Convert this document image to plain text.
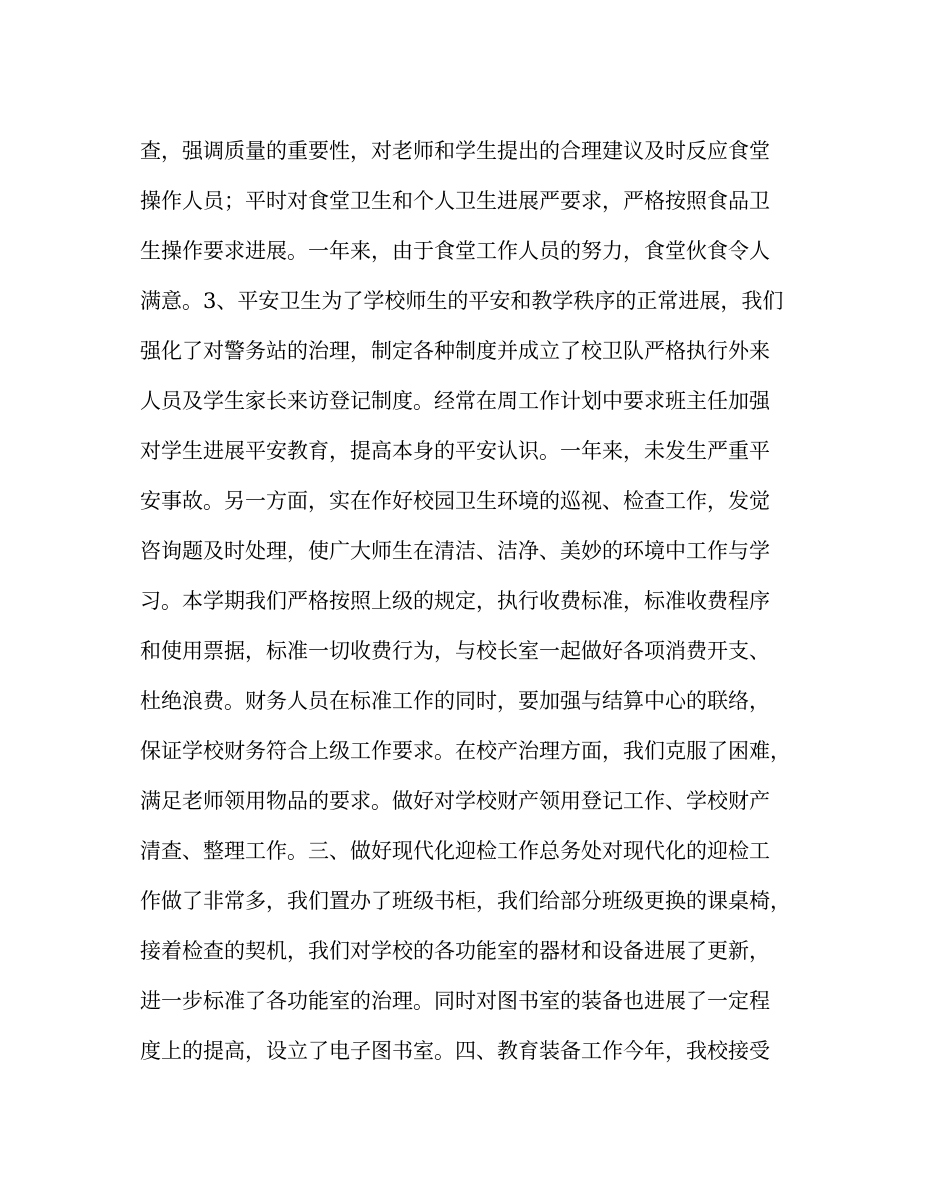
查，强调质量的重要性，对老师和学生提出的合理建议及时反应食堂
操作人员；平时对食堂卫生和个人卫生进展严要求，严格按照食品卫
生操作要求进展。一年来，由于食堂工作人员的努力，食堂伙食令人
满意。3、平安卫生为了学校师生的平安和教学秩序的正常进展，我们
强化了对警务站的治理，制定各种制度并成立了校卫队严格执行外来
人员及学生家长来访登记制度。经常在周工作计划中要求班主任加强
对学生进展平安教育，提高本身的平安认识。一年来，未发生严重平
安事故。另一方面，实在作好校园卫生环境的巡视、检查工作，发觉
咨询题及时处理，使广大师生在清洁、洁净、美妙的环境中工作与学
习。本学期我们严格按照上级的规定，执行收费标准，标准收费程序
和使用票据，标准一切收费行为，与校长室一起做好各项消费开支、
杜绝浪费。财务人员在标准工作的同时，要加强与结算中心的联络，
保证学校财务符合上级工作要求。在校产治理方面，我们克服了困难，
满足老师领用物品的要求。做好对学校财产领用登记工作、学校财产
清查、整理工作。三、做好现代化迎检工作总务处对现代化的迎检工
作做了非常多，我们置办了班级书柜，我们给部分班级更换的课桌椅，
接着检查的契机，我们对学校的各功能室的器材和设备进展了更新，
进一步标准了各功能室的治理。同时对图书室的装备也进展了一定程
度上的提高，设立了电子图书室。四、教育装备工作今年，我校接受
